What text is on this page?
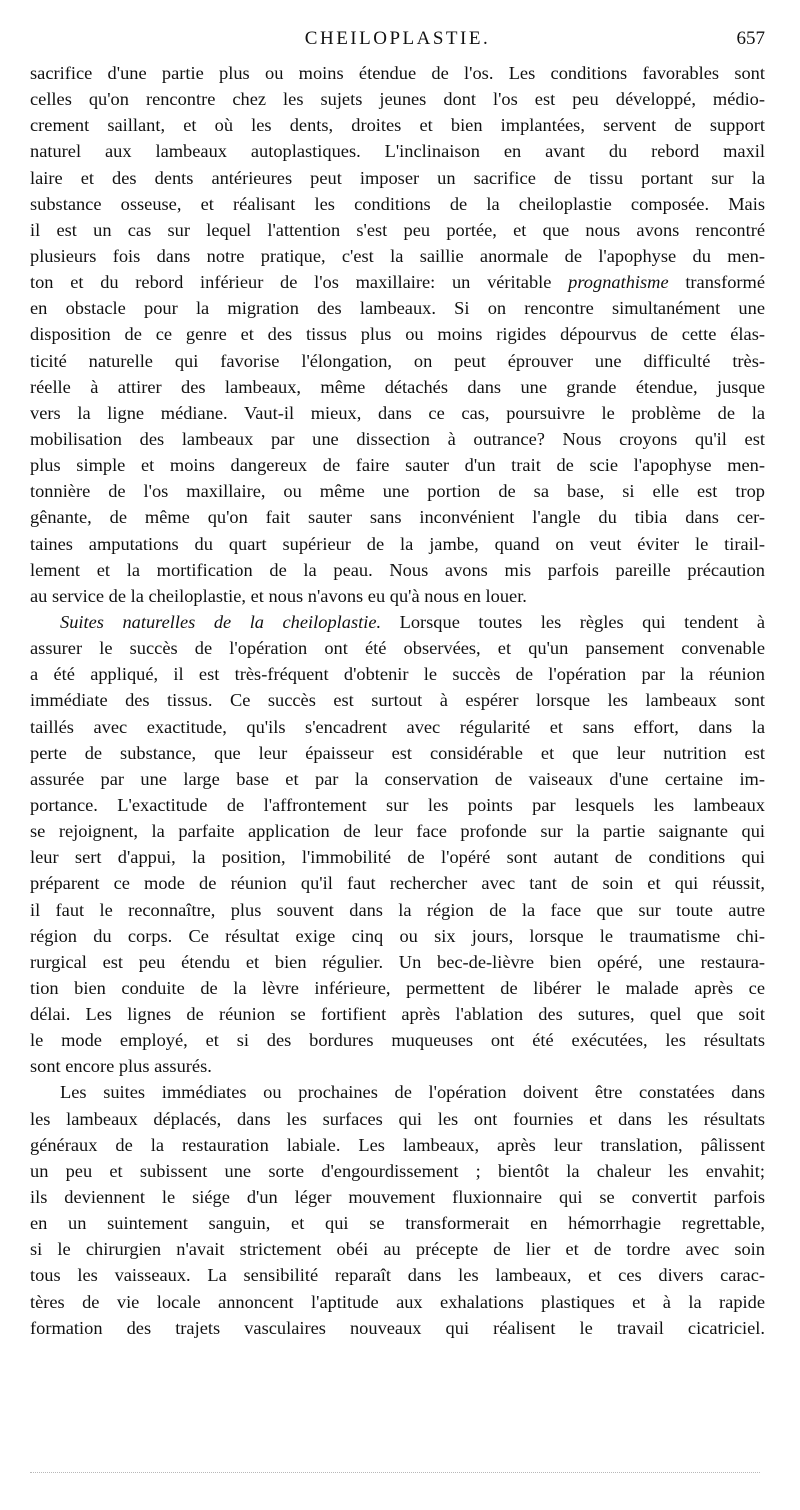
CHEILOPLASTIE.	657
sacrifice d'une partie plus ou moins étendue de l'os. Les conditions favorables sont
celles qu'on rencontre chez les sujets jeunes dont l'os est peu développé, médio-
crement saillant, et où les dents, droites et bien implantées, servent de support
naturel aux lambeaux autoplastiques. L'inclinaison en avant du rebord maxil
laire et des dents antérieures peut imposer un sacrifice de tissu portant sur la
substance osseuse, et réalisant les conditions de la cheiloplastie composée. Mais
il est un cas sur lequel l'attention s'est peu portée, et que nous avons rencontré
plusieurs fois dans notre pratique, c'est la saillie anormale de l'apophyse du men-
ton et du rebord inférieur de l'os maxillaire: un véritable prognathisme transformé
en obstacle pour la migration des lambeaux. Si on rencontre simultanément une
disposition de ce genre et des tissus plus ou moins rigides dépourvus de cette élas-
ticité naturelle qui favorise l'élongation, on peut éprouver une difficulté très-
réelle à attirer des lambeaux, même détachés dans une grande étendue, jusque
vers la ligne médiane. Vaut-il mieux, dans ce cas, poursuivre le problème de la
mobilisation des lambeaux par une dissection à outrance? Nous croyons qu'il est
plus simple et moins dangereux de faire sauter d'un trait de scie l'apophyse men-
tonnière de l'os maxillaire, ou même une portion de sa base, si elle est trop
gênante, de même qu'on fait sauter sans inconvénient l'angle du tibia dans cer-
taines amputations du quart supérieur de la jambe, quand on veut éviter le tirail-
lement et la mortification de la peau. Nous avons mis parfois pareille précaution
au service de la cheiloplastie, et nous n'avons eu qu'à nous en louer.
Suites naturelles de la cheiloplastie. Lorsque toutes les règles qui tendent à
assurer le succès de l'opération ont été observées, et qu'un pansement convenable
a été appliqué, il est très-fréquent d'obtenir le succès de l'opération par la réunion
immédiate des tissus. Ce succès est surtout à espérer lorsque les lambeaux sont
taillés avec exactitude, qu'ils s'encadrent avec régularité et sans effort, dans la
perte de substance, que leur épaisseur est considérable et que leur nutrition est
assurée par une large base et par la conservation de vaiseaux d'une certaine im-
portance. L'exactitude de l'affrontement sur les points par lesquels les lambeaux
se rejoignent, la parfaite application de leur face profonde sur la partie saignante qui
leur sert d'appui, la position, l'immobilité de l'opéré sont autant de conditions qui
préparent ce mode de réunion qu'il faut rechercher avec tant de soin et qui réussit,
il faut le reconnaître, plus souvent dans la région de la face que sur toute autre
région du corps. Ce résultat exige cinq ou six jours, lorsque le traumatisme chi-
rurgical est peu étendu et bien régulier. Un bec-de-lièvre bien opéré, une restaura-
tion bien conduite de la lèvre inférieure, permettent de libérer le malade après ce
délai. Les lignes de réunion se fortifient après l'ablation des sutures, quel que soit
le mode employé, et si des bordures muqueuses ont été exécutées, les résultats
sont encore plus assurés.
Les suites immédiates ou prochaines de l'opération doivent être constatées dans
les lambeaux déplacés, dans les surfaces qui les ont fournies et dans les résultats
généraux de la restauration labiale. Les lambeaux, après leur translation, pâlissent
un peu et subissent une sorte d'engourdissement ; bientôt la chaleur les envahit;
ils deviennent le siége d'un léger mouvement fluxionnaire qui se convertit parfois
en un suintement sanguin, et qui se transformerait en hémorrhagie regrettable,
si le chirurgien n'avait strictement obéi au précepte de lier et de tordre avec soin
tous les vaisseaux. La sensibilité reparaît dans les lambeaux, et ces divers carac-
tères de vie locale annoncent l'aptitude aux exhalations plastiques et à la rapide
formation des trajets vasculaires nouveaux qui réalisent le travail cicatriciel.
